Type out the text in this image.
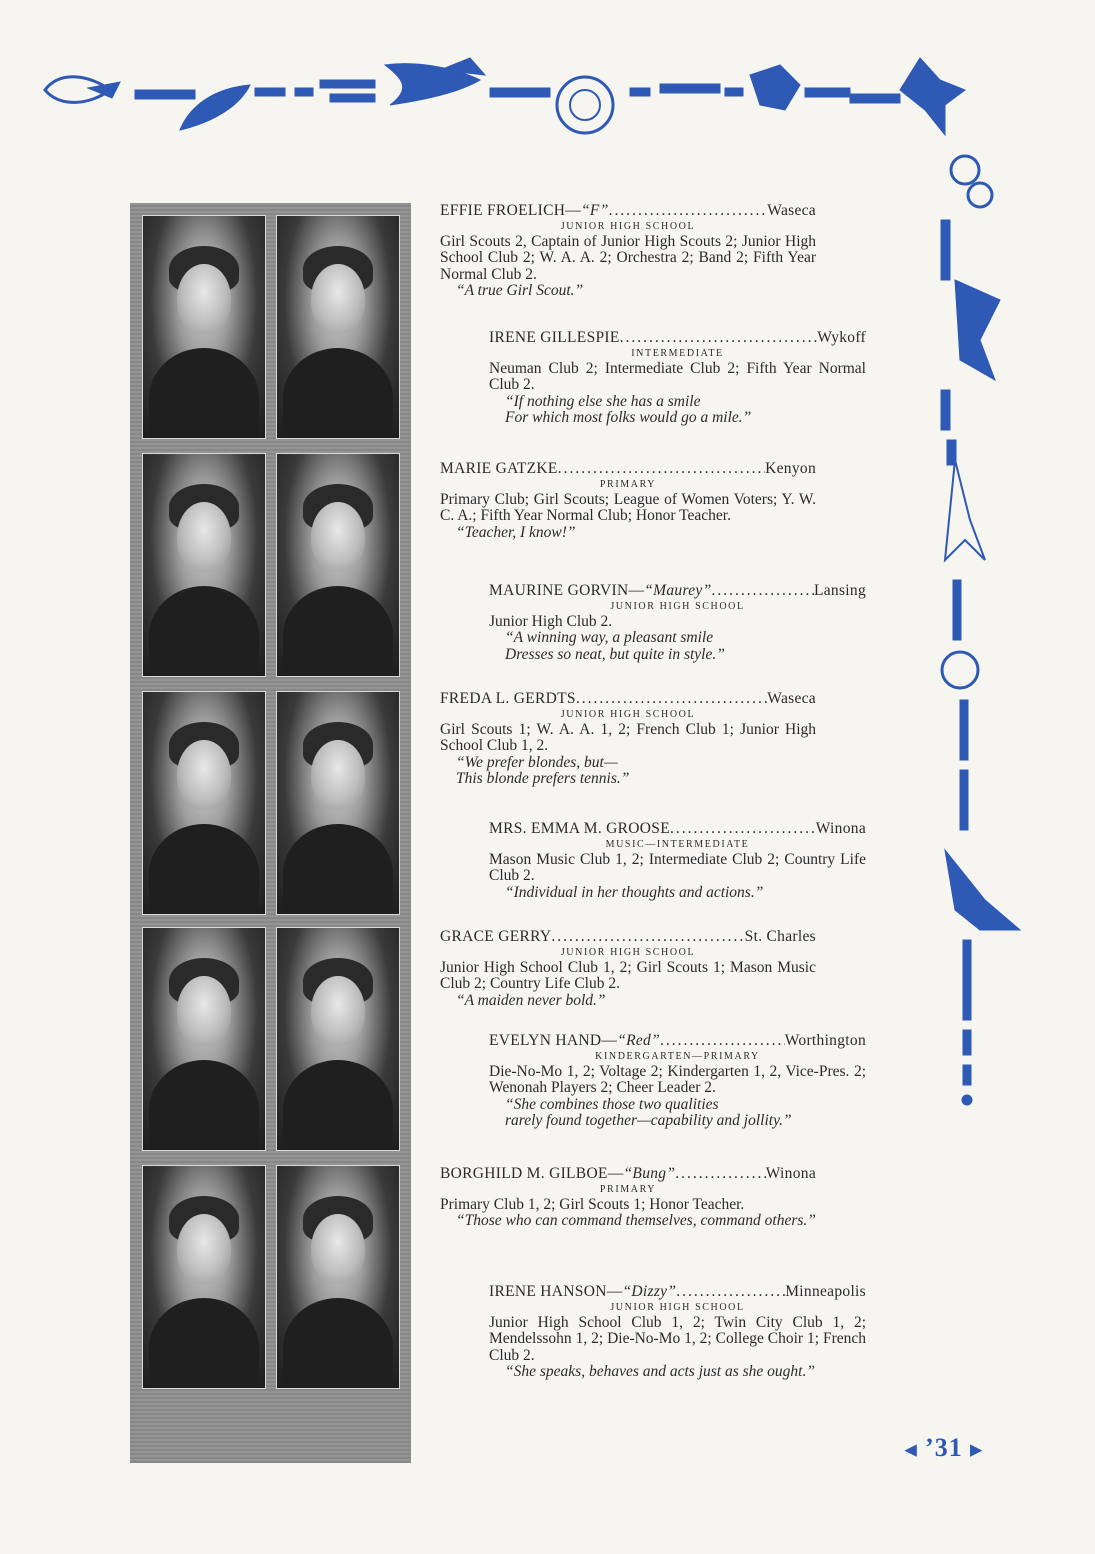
EFFIE FROELICH— “F” .....	Waseca
JUNIOR HIGH SCHOOL
Girl Scouts 2, Captain of Junior High Scouts 2; Junior High School Club 2; W. A. A. 2; Orchestra 2; Band 2; Fifth Year Normal Club 2.
“A true Girl Scout.”
IRENE GILLESPIE .....	Wykoff
INTERMEDIATE
Neuman Club 2; Intermediate Club 2; Fifth Year Normal Club 2.
“If nothing else she has a smile
For which most folks would go a mile.”
MARIE GATZKE .....	Kenyon
PRIMARY
Primary Club; Girl Scouts; League of Women Voters; Y. W. C. A.; Fifth Year Normal Club; Honor Teacher.
“Teacher, I know!”
MAURINE GORVIN— “Maurey” .....	Lansing
JUNIOR HIGH SCHOOL
Junior High Club 2.
“A winning way, a pleasant smile
Dresses so neat, but quite in style.”
FREDA L. GERDTS .....	Waseca
JUNIOR HIGH SCHOOL
Girl Scouts 1; W. A. A. 1, 2; French Club 1; Junior High School Club 1, 2.
“We prefer blondes, but—
This blonde prefers tennis.”
MRS. EMMA M. GROOSE .....	Winona
MUSIC—INTERMEDIATE
Mason Music Club 1, 2; Intermediate Club 2; Country Life Club 2.
“Individual in her thoughts and actions.”
GRACE GERRY .....	St. Charles
JUNIOR HIGH SCHOOL
Junior High School Club 1, 2; Girl Scouts 1; Mason Music Club 2; Country Life Club 2.
“A maiden never bold.”
EVELYN HAND— “Red” .....	Worthington
KINDERGARTEN—PRIMARY
Die-No-Mo 1, 2; Voltage 2; Kindergarten 1, 2, Vice-Pres. 2; Wenonah Players 2; Cheer Leader 2.
“She combines those two qualities
rarely found together—capability and jollity.”
BORGHILD M. GILBOE— “Bung” .....	Winona
PRIMARY
Primary Club 1, 2; Girl Scouts 1; Honor Teacher.
“Those who can command themselves, command others.”
IRENE HANSON— “Dizzy” .....	Minneapolis
JUNIOR HIGH SCHOOL
Junior High School Club 1, 2; Twin City Club 1, 2; Mendelssohn 1, 2; Die-No-Mo 1, 2; College Choir 1; French Club 2.
“She speaks, behaves and acts just as she ought.”
◀ ’31 ▶
